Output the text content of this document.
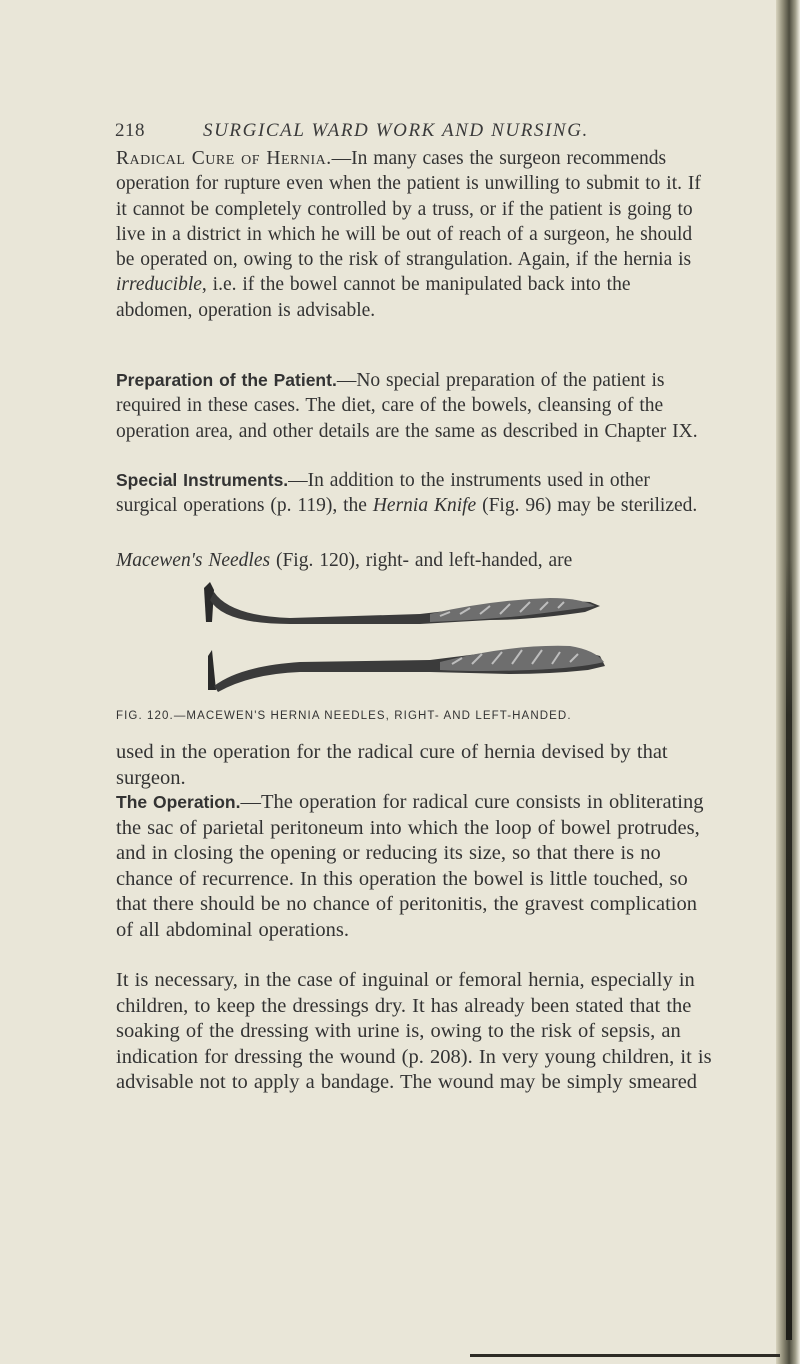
218	SURGICAL WARD WORK AND NURSING.
Radical Cure of Hernia.—In many cases the surgeon recommends operation for rupture even when the patient is unwilling to submit to it. If it cannot be completely controlled by a truss, or if the patient is going to live in a district in which he will be out of reach of a surgeon, he should be operated on, owing to the risk of strangulation. Again, if the hernia is irreducible, i.e. if the bowel cannot be manipulated back into the abdomen, operation is advisable.
Preparation of the Patient.—No special preparation of the patient is required in these cases. The diet, care of the bowels, cleansing of the operation area, and other details are the same as described in Chapter IX.
Special Instruments.—In addition to the instruments used in other surgical operations (p. 119), the Hernia Knife (Fig. 96) may be sterilized.
Macewen's Needles (Fig. 120), right- and left-handed, are
FIG. 120.—MACEWEN'S HERNIA NEEDLES, RIGHT- AND LEFT-HANDED.
used in the operation for the radical cure of hernia devised by that surgeon.
The Operation.—The operation for radical cure consists in obliterating the sac of parietal peritoneum into which the loop of bowel protrudes, and in closing the opening or reducing its size, so that there is no chance of recurrence. In this operation the bowel is little touched, so that there should be no chance of peritonitis, the gravest complication of all abdominal operations.
It is necessary, in the case of inguinal or femoral hernia, especially in children, to keep the dressings dry. It has already been stated that the soaking of the dressing with urine is, owing to the risk of sepsis, an indication for dressing the wound (p. 208). In very young children, it is advisable not to apply a bandage. The wound may be simply smeared
